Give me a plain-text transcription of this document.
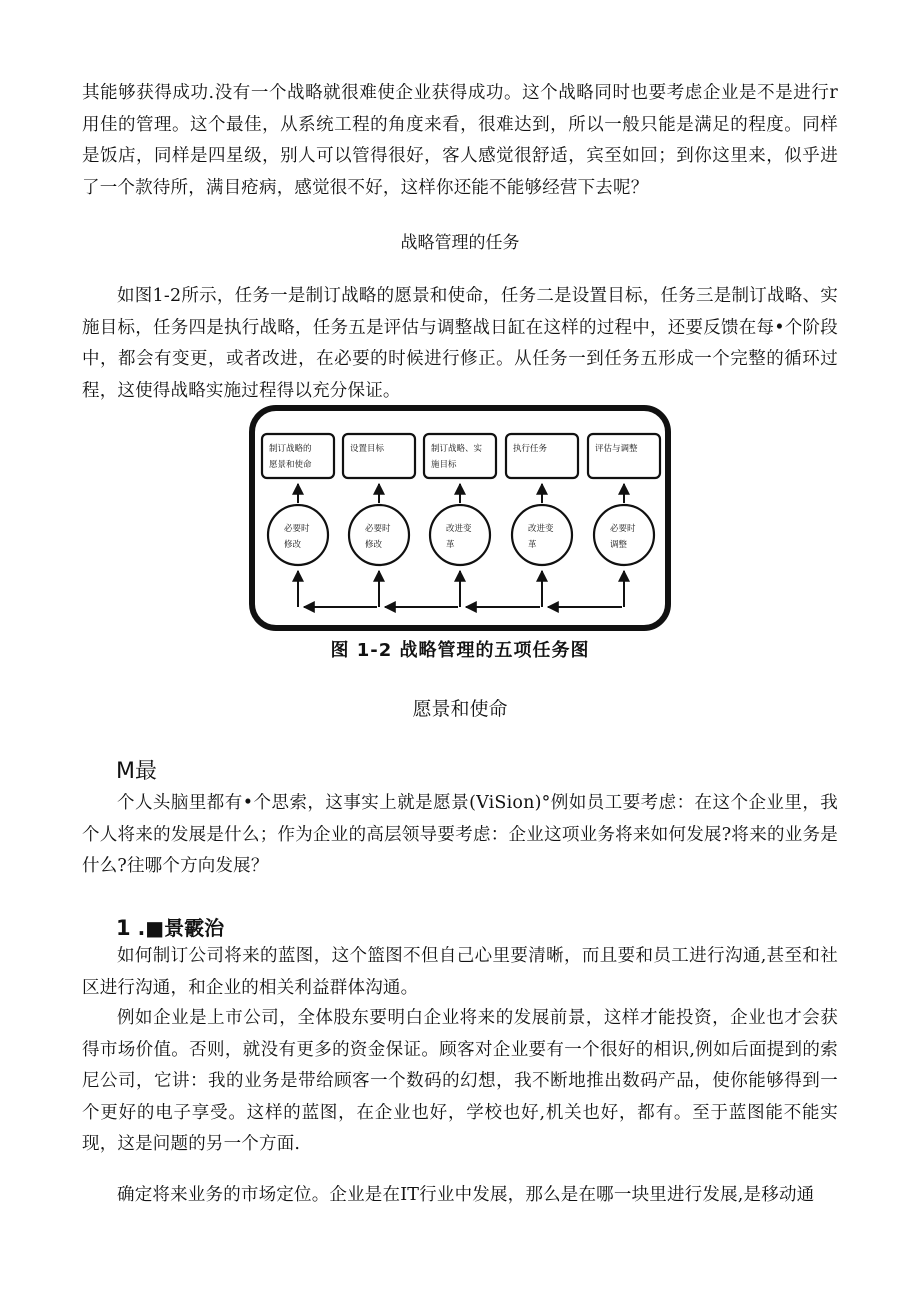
其能够获得成功.没有一个战略就很难使企业获得成功。这个战略同时也要考虑企业是不是进行r用佳的管理。这个最佳，从系统工程的角度来看，很难达到，所以一般只能是满足的程度。同样是饭店，同样是四星级，别人可以管得很好，客人感觉很舒适，宾至如回；到你这里来，似乎进了一个款待所，满目疮病，感觉很不好，这样你还能不能够经营下去呢？

战略管理的任务

如图1-2所示，任务一是制订战略的愿景和使命，任务二是设置目标，任务三是制订战略、实施目标，任务四是执行战略，任务五是评估与调整战日缸在这样的过程中，还要反馈在每•个阶段中，都会有变更，或者改进，在必要的时候进行修正。从任务一到任务五形成一个完整的循环过程，这使得战略实施过程得以充分保证。

制订战略的
愿景和使命
设置目标	制订战略、实
施目标
执行任务	评估与调整
必要时
修改
必要时
修改
改进变
革
改进变
革
必要时
调整

图 1-2 战略管理的五项任务图

愿景和使命

M最

个人头脑里都有•个思索，这事实上就是愿景(ViSion)°例如员工要考虑：在这个企业里，我个人将来的发展是什么；作为企业的高层领导要考虑：企业这项业务将来如何发展?将来的业务是什么?往哪个方向发展？

1 .■景霰治

如何制订公司将来的蓝图，这个篮图不但自己心里要清晰，而且要和员工进行沟通,甚至和社区进行沟通，和企业的相关利益群体沟通。

例如企业是上市公司，全体股东要明白企业将来的发展前景，这样才能投资，企业也才会获得市场价值。否则，就没有更多的资金保证。顾客对企业要有一个很好的相识,例如后面提到的索尼公司，它讲：我的业务是带给顾客一个数码的幻想，我不断地推出数码产品，使你能够得到一个更好的电子享受。这样的蓝图，在企业也好，学校也好,机关也好，都有。至于蓝图能不能实现，这是问题的另一个方面.

确定将来业务的市场定位。企业是在IT行业中发展，那么是在哪一块里进行发展,是移动通
